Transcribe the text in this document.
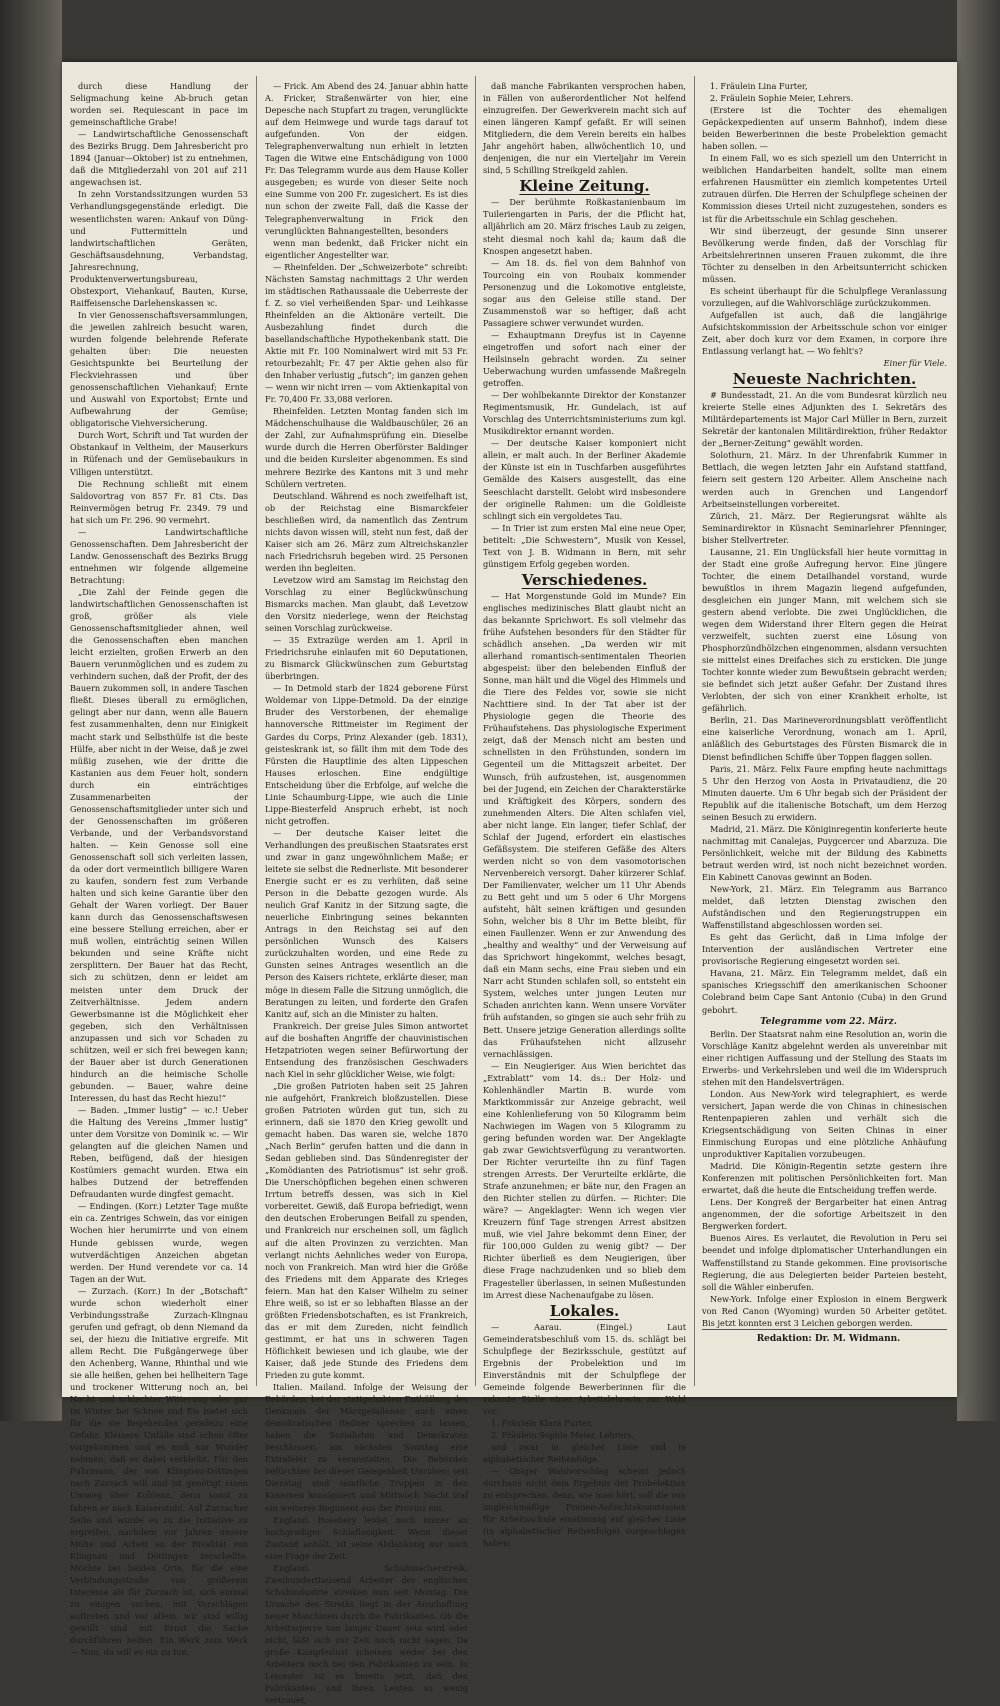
durch diese Handlung der Seligmachung keine Ab-bruch getan worden sei. Requiescant in pace im gemeinschaftliche Grabe!

— Landwirtschaftliche Genossenschaft des Bezirks Brugg. Dem Jahresbericht pro 1894 (Januar—Oktober) ist zu entnehmen, daß die Mitgliederzahl von 201 auf 211 angewachsen ist.

In zehn Vorstandssitzungen wurden 53 Verhandlungsgegenstände erledigt. Die wesentlichsten waren: Ankauf von Düng- und Futtermitteln und landwirtschaftlichen Geräten, Geschäftsausdehnung, Verbandstag, Jahresrechnung, Produktenverwertungsbureau, Obstexport, Viehankauf, Bauten, Kurse, Raiffeisensche Darlehenskassen ꝛc.

In vier Genossenschaftsversammlungen, die jeweilen zahlreich besucht waren, wurden folgende belehrende Referate gehalten über: Die neuesten Gesichtspunkte bei Beurteilung der Fleckviehrassen und über genossenschaftlichen Viehankauf; Ernte und Auswahl von Exportobst; Ernte und Aufbewahrung der Gemüse; obligatorische Viehversicherung.

Durch Wort, Schrift und Tat wurden der Obstankauf in Veltheim, der Mauserkurs in Rüfenach und der Gemüsebaukurs in Villigen unterstützt.

Die Rechnung schließt mit einem Saldovortrag von 857 Fr. 81 Cts. Das Reinvermögen betrug Fr. 2349. 79 und hat sich um Fr. 296. 90 vermehrt.

— Landwirtschaftliche Genossenschaften. Dem Jahresbericht der Landw. Genossenschaft des Bezirks Brugg entnehmen wir folgende allgemeine Betrachtung:

„Die Zahl der Feinde gegen die landwirtschaftlichen Genossenschaften ist groß, größer als viele Genossenschaftsmitglieder ahnen, weil die Genossenschaften eben manchen leicht erzielten, großen Erwerb an den Bauern verunmöglichen und es zudem zu verhindern suchen, daß der Profit, der des Bauern zukommen soll, in andere Taschen fließt. Dieses überall zu ermöglichen, gelingt aber nur dann, wenn alle Bauern fest zusammenhalten, denn nur Einigkeit macht stark und Selbsthülfe ist die beste Hülfe, aber nicht in der Weise, daß je zwei müßig zusehen, wie der dritte die Kastanien aus dem Feuer holt, sondern durch ein einträchtiges Zusammenarbeiten der Genossenschaftsmitglieder unter sich und der Genossenschaften im größeren Verbande, und der Verbandsvorstand halten. — Kein Genosse soll eine Genossenschaft soll sich verleiten lassen, da oder dort vermeintlich billigere Waren zu kaufen, sondern fest zum Verbande halten und sich keine Garantie über den Gehalt der Waren vorliegt. Der Bauer kann durch das Genossenschaftswesen eine bessere Stellung erreichen, aber er muß wollen, einträchtig seinen Willen bekunden und seine Kräfte nicht zersplittern. Der Bauer hat das Recht, sich zu schützen, denn er leidet am meisten unter dem Druck der Zeitverhältnisse. Jedem andern Gewerbsmanne ist die Möglichkeit eher gegeben, sich den Verhältnissen anzupassen und sich vor Schaden zu schützen, weil er sich frei bewegen kann; der Bauer aber ist durch Generationen hindurch an die heimische Scholle gebunden. — Bauer, wahre deine Interessen, du hast das Recht hiezu!“

— Baden. „Immer lustig“ — ꝛc.! Ueber die Haltung des Vereins „Immer lustig“ unter dem Vorsitze von Dominik ꝛc. — Wir gelangten auf die gleichen Namen und Reben, beifügend, daß der hiesigen Kostümiers gemacht wurden. Etwa ein halbes Dutzend der betreffenden Defraudanten wurde dingfest gemacht.

— Endingen. (Korr.) Letzter Tage mußte ein ca. Zentriges Schwein, das vor einigen Wochen hier herumirrte und von einem Hunde gebissen wurde, wegen wutverdächtigen Anzeichen abgetan werden. Der Hund verendete vor ca. 14 Tagen an der Wut.

— Zurzach. (Korr.) In der „Botschaft“ wurde schon wiederholt einer Verbindungsstraße Zurzach-Klingnau gerufen und gefragt, ob denn Niemand da sei, der hiezu die Initiative ergreife. Mit allem Recht. Die Fußgängerwege über den Achenberg, Wanne, Rhinthal und wie sie alle heißen, gehen bei hellheitern Tage und trockener Witterung noch an, bei Nacht und schlechter Witterung oder gar im Winter bei Schnee und Eis bietet sich für die sie Begehenden geradezu eine Gefahr. Kleinere Unfälle sind schon öfter vorgekommen und es muß nur Wunder nehmen, daß es dabei verbleibt. Für den Fuhrmann, der von Klingnau-Döttingen nach Zurzach will und ist genötigt einen Umweg über Koblenz, denn sonst zu fahren er nach Kaiserstuhl. Auf Zurzacher Seite und wurde es zu die Initiative zu ergreifen, nachdem vor Jahren unsere Mühe und Arbeit an der Rivalität von Klingnau und Döttingen zerschellte. Möchte bei beiden Orte, für die eine Verbindungsstraße von größerem Interesse als für Zurzach ist, sich einmal zu einigen suchen, mit Vorschlägen auftreten und vor allem, wir sind willig gewillt sind mit Ernst die Sache durchführen helfen. Ein Werk zum Werk — Nun, da will es ein zu tun.

— Frick. Am Abend des 24. Januar abhin hatte A. Fricker, Straßenwärter von hier, eine Depesche nach Stupfart zu tragen, verunglückte auf dem Heimwege und wurde tags darauf tot aufgefunden. Von der eidgen. Telegraphenverwaltung nun erhielt in letzten Tagen die Witwe eine Entschädigung von 1000 Fr. Das Telegramm wurde aus dem Hause Koller ausgegeben; es wurde von dieser Seite noch eine Summe von 200 Fr. zugesichert. Es ist dies nun schon der zweite Fall, daß die Kasse der Telegraphenverwaltung in Frick den verunglückten Bahnangestellten, besonders

wenn man bedenkt, daß Fricker nicht ein eigentlicher Angestellter war.

— Rheinfelden. Der „Schweizerbote“ schreibt: Nächsten Samstag nachmittags 2 Uhr werden im städtischen Rathaussaale die Ueberreste der f. Z. so viel verheißenden Spar- und Leihkasse Rheinfelden an die Aktionäre verteilt. Die Ausbezahlung findet durch die basellandschaftliche Hypothekenbank statt. Die Aktie mit Fr. 100 Nominalwert wird mit 53 Fr. retourbezahlt; Fr. 47 per Aktie gehen also für den Inhaber verlustig „futsch“; im ganzen gehen — wenn wir nicht irren — vom Aktienkapital von Fr. 70,400 Fr. 33,088 verloren.

Rheinfelden. Letzten Montag fanden sich im Mädchenschulhause die Waldbauschüler, 26 an der Zahl, zur Aufnahmsprüfung ein. Dieselbe wurde durch die Herren Oberförster Baldinger und die beiden Kursleiter abgenommen. Es sind mehrere Bezirke des Kantons mit 3 und mehr Schülern vertreten.

Deutschland. Während es noch zweifelhaft ist, ob der Reichstag eine Bismarckfeier beschließen wird, da namentlich das Zentrum nichts davon wissen will, steht nun fest, daß der Kaiser sich am 26. März zum Altreichskanzler nach Friedrichsruh begeben wird. 25 Personen werden ihn begleiten.

Levetzow wird am Samstag im Reichstag den Vorschlag zu einer Beglückwünschung Bismarcks machen. Man glaubt, daß Levetzow den Vorsitz niederlege, wenn der Reichstag seinen Vorschlag zurückweise.

— 35 Extrazüge werden am 1. April in Friedrichsruhe einlaufen mit 60 Deputationen, zu Bismarck Glückwünschen zum Geburtstag überbringen.

— In Detmold starb der 1824 geborene Fürst Woldemar von Lippe-Detmold. Da der einzige Bruder des Verstorbenen, der ehemalige hannoversche Rittmeister im Regiment der Gardes du Corps, Prinz Alexander (geb. 1831), geisteskrank ist, so fällt ihm mit dem Tode des Fürsten die Hauptlinie des alten Lippeschen Hauses erloschen. Eine endgültige Entscheidung über die Erbfolge, auf welche die Linie Schaumburg-Lippe, wie auch die Linie Lippe-Biesterfeld Anspruch erhebt, ist noch nicht getroffen.

— Der deutsche Kaiser leitet die Verhandlungen des preußischen Staatsrates erst und zwar in ganz ungewöhnlichem Maße; er leitete sie selbst die Rednerliste. Mit besonderer Energie sucht er es zu verhüten, daß seine Person in die Debatte gezogen wurde. Als neulich Graf Kanitz in der Sitzung sagte, die neuerliche Einbringung seines bekannten Antrags in den Reichstag sei auf den persönlichen Wunsch des Kaisers zurückzuhalten worden, und eine Rede zu Gunsten seines Antrages wesentlich an die Person des Kaisers richtete, erklärte dieser, man möge in diesem Falle die Sitzung unmöglich, die Beratungen zu leiten, und forderte den Grafen Kanitz auf, sich an die Minister zu halten.

Frankreich. Der greise Jules Simon antwortet auf die boshaften Angriffe der chauvinistischen Hetzpatrioten wegen seiner Befürwortung der Entsendung des französischen Geschwaders nach Kiel in sehr glücklicher Weise, wie folgt:

„Die großen Patrioten haben seit 25 Jahren nie aufgehört, Frankreich bloßzustellen. Diese großen Patrioten würden gut tun, sich zu erinnern, daß sie 1870 den Krieg gewollt und gemacht haben. Das waren sie, welche 1870 „Nach Berlin“ gerufen hatten und die dann in Sedan geblieben sind. Das Sündenregister der „Komödianten des Patriotismus“ ist sehr groß. Die Unerschöpflichen begehen einen schweren Irrtum betreffs dessen, was sich in Kiel vorbereitet. Gewiß, daß Europa befriedigt, wenn den deutschen Eroberungen Beifall zu spenden, und Frankreich nur erscheinen soll, um fäglich auf die alten Provinzen zu verzichten. Man verlangt nichts Aehnliches weder von Europa, noch von Frankreich. Man wird hier die Größe des Friedens mit dem Apparate des Krieges feiern. Man hat den Kaiser Wilhelm zu seiner Ehre weiß, so ist er so lebhaften Blasse an der größten Friedensbotschaften, es ist Frankreich, das er mit dem Zureden, nicht feindlich gestimmt, er hat uns in schweren Tagen Höflichkeit bewiesen und ich glaube, wie der Kaiser, daß jede Stunde des Friedens dem Frieden zu gute kommt.

Italien. Mailand. Infolge der Weisung der Behörden, bei der stattgehabten Enthüllung des Denkmals der Märzgefallenen auch einen demokratischen Redner sprechen zu lassen, haben die Sozialisten und Demokraten beschlossen, am nächsten Sonntag eine Extrafeier zu veranstalten. Die Behörden befürchten bei dieser Gelegenheit Unruhen; seit Dienstag sind sämtliche Truppen in den Kasernen konsigniert und Mittwoch Nacht traf ein weiteres Regiment aus der Provinz ein.

England. Rosebery leidet noch immer an hochgradiger Schlaflosigkeit. Wenn dieser Zustand anhält, ist seine Abdankung nur noch eine Frage der Zeit.

England. Schuhmacherstreik. Zweihunderttausend Arbeiter der englischen Schuhindustrie streiken nun seit Montag. Die Ursache des Streiks liegt in der Anschaffung neuer Maschinen durch die Fabrikanten. Ob die Arbeitssperre von langer Dauer sein wird oder nicht, läßt sich zur Zeit noch nicht sagen. Da große Kampfeslust scheinen weder bei den Arbeitern noch bei den Fabrikanten zu sein. In Leicester ist es bereits jetzt, daß den Fabrikanten und ihren Leuten so wenig vertrauet,

daß manche Fabrikanten versprochen haben, in Fällen von außerordentlicher Not helfend einzugreifen. Der Gewerkverein macht sich auf einen längeren Kampf gefaßt. Er will seinen Mitgliedern, die dem Verein bereits ein halbes Jahr angehört haben, allwöchentlich 10, und denjenigen, die nur ein Vierteljahr im Verein sind, 5 Schilling Streikgeld zahlen.

Kleine Zeitung.

— Der berühmte Roßkastanienbaum im Tuileriengarten in Paris, der die Pflicht hat, alljährlich am 20. März frisches Laub zu zeigen, steht diesmal noch kahl da; kaum daß die Knospen angesetzt haben.

— Am 18. ds. fiel von dem Bahnhof von Tourcoing ein von Roubaix kommender Personenzug und die Lokomotive entgleiste, sogar aus den Geleise stille stand. Der Zusammenstoß war so heftiger, daß acht Passagiere schwer verwundet wurden.

— Exhauptmann Dreyfus ist in Cayenne eingetroffen und sofort nach einer der Heilsinseln gebracht worden. Zu seiner Ueberwachung wurden umfassende Maßregeln getroffen.

— Der wohlbekannte Direktor der Konstanzer Regimentsmusik, Hr. Gundelach, ist auf Vorschlag des Unterrichtsministeriums zum kgl. Musikdirektor ernannt worden.

— Der deutsche Kaiser komponiert nicht allein, er malt auch. In der Berliner Akademie der Künste ist ein in Tuschfarben ausgeführtes Gemälde des Kaisers ausgestellt, das eine Seeschlacht darstellt. Gelobt wird insbesondere der originelle Rahmen: um die Goldleiste schlingt sich ein vergoldetes Tau.

— In Trier ist zum ersten Mal eine neue Oper, betitelt: „Die Schwestern“, Musik von Kessel, Text von J. B. Widmann in Bern, mit sehr günstigem Erfolg gegeben worden.

Verschiedenes.

— Hat Morgenstunde Gold im Munde? Ein englisches medizinisches Blatt glaubt nicht an das bekannte Sprichwort. Es soll vielmehr das frühe Aufstehen besonders für den Städter für schädlich ansehen. „Da werden wir mit allerhand romantisch-sentimentalen Theorien abgespeist: über den belebenden Einfluß der Sonne, man hält und die Vögel des Himmels und die Tiere des Feldes vor, sowie sie nicht Nachttiere sind. In der Tat aber ist der Physiologie gegen die Theorie des Frühaufstehens. Das physiologische Experiment zeigt, daß der Mensch nicht am besten und schnellsten in den Frühstunden, sondern im Gegenteil um die Mittagszeit arbeitet. Der Wunsch, früh aufzustehen, ist, ausgenommen bei der Jugend, ein Zeichen der Charakterstärke und Kräftigkeit des Körpers, sondern des zunehmenden Alters. Die Alten schlafen viel, aber nicht lange. Ein langer, tiefer Schlaf, der Schlaf der Jugend, erfordert ein elastisches Gefäßsystem. Die steiferen Gefäße des Alters werden nicht so von dem vasomotorischen Nervenbereich versorgt. Daher kürzerer Schlaf. Der Familienvater, welcher um 11 Uhr Abends zu Bett geht und um 5 oder 6 Uhr Morgens aufsteht, hält seinen kräftigen und gesunden Sohn, welcher bis 8 Uhr im Bette bleibt, für einen Faullenzer. Wenn er zur Anwendung des „healthy and wealthy“ und der Verweisung auf das Sprichwort hingekommt, welches besagt, daß ein Mann sechs, eine Frau sieben und ein Narr acht Stunden schlafen soll, so entsteht ein System, welches unter jungen Leuten nur Schaden anrichten kann. Wenn unsere Vorväter früh aufstanden, so gingen sie auch sehr früh zu Bett. Unsere jetzige Generation allerdings sollte das Frühaufstehen nicht allzusehr vernachlässigen.

— Ein Neugieriger. Aus Wien berichtet das „Extrablatt“ vom 14. ds.: Der Holz- und Kohlenhändler Martin B. wurde vom Marktkommissär zur Anzeige gebracht, weil eine Kohlenlieferung von 50 Kilogramm beim Nachwiegen im Wagen von 5 Kilogramm zu gering befunden worden war. Der Angeklagte gab zwar Gewichtsverfügung zu verantworten. Der Richter verurteilte ihn zu fünf Tagen strengen Arrests. Der Verurteilte erklärte, die Strafe anzunehmen; er bäte nur, den Fragen an den Richter stellen zu dürfen. — Richter: Die wäre? — Angeklagter: Wenn ich wegen vier Kreuzern fünf Tage strengen Arrest absitzen muß, wie viel Jahre bekommt denn Einer, der für 100,000 Gulden zu wenig gibt? — Der Richter überließ es dem Neugierigen, über diese Frage nachzudenken und so blieb dem Fragesteller überlassen, in seinen Mußestunden im Arrest diese Nachenaufgabe zu lösen.

Lokales.

— Aarau. (Eingel.) Laut Gemeinderatsbeschluß vom 15. ds. schlägt bei Schulpflege der Bezirksschule, gestützt auf Ergebnis der Probelektion und im Einverständnis mit der Schulpflege der Gemeinde folgende Bewerberinnen für die vakante Stelle einer Arbeitslehrerin zur Wahl vor:

1. Fräulein Klara Furter,

2. Fräulein Sophie Meier, Lehrers,

und zwar in gleicher Linie und in alphabetischer Reihenfolge.

— Obiger Wahlvorschlag scheint jedoch durchaus nicht dem Ergebnis der Probelektion zu entsprechen, denn, wie man hört, soll die von ungleichmäßige Frauen-Aufsichtskommission für Arbeitsschule einstimmig auf gleicher Linie (in alphabetischer Reihenfolge) vorgeschlagen haben:

1. Fräulein Lina Furter,

2. Fräulein Sophie Meier, Lehrers.

(Erstere ist die Tochter des ehemaligen Gepäckexpedienten auf unserm Bahnhof), indem diese beiden Bewerberinnen die beste Probelektion gemacht haben sollen. —

In einem Fall, wo es sich speziell um den Unterricht in weiblichen Handarbeiten handelt, sollte man einem erfahrenen Hausmütter ein ziemlich kompetentes Urteil zutrauen dürfen. Die Herren der Schulpflege scheinen der Kommission dieses Urteil nicht zuzugestehen, sonders es ist für die Arbeitsschule ein Schlag geschehen.

Wir sind überzeugt, der gesunde Sinn unserer Bevölkerung werde finden, daß der Vorschlag für Arbeitslehrerinnen unseren Frauen zukommt, die ihre Töchter zu denselben in den Arbeitsunterricht schicken müssen.

Es scheint überhaupt für die Schulpflege Veranlassung vorzuliegen, auf die Wahlvorschläge zurückzukommen.

Aufgefallen ist auch, daß die langjährige Aufsichtskommission der Arbeitsschule schon vor einiger Zeit, aber doch kurz vor dem Examen, in corpore ihre Entlassung verlangt hat. — Wo fehlt's?

Einer für Viele.

Neueste Nachrichten.

# Bundesstadt, 21. An die vom Bundesrat kürzlich neu kreierte Stelle eines Adjunkten des I. Sekretärs des Militärdepartements ist Major Carl Müller in Bern, zurzeit Sekretär der kantonalen Militärdirektion, früher Redaktor der „Berner-Zeitung“ gewählt worden.

Solothurn, 21. März. In der Uhrenfabrik Kummer in Bettlach, die wegen letzten Jahr ein Aufstand stattfand, feiern seit gestern 120 Arbeiter. Allem Anscheine nach werden auch in Grenchen und Langendorf Arbeitseinstellungen vorbereitet.

Zürich, 21. März. Der Regierungsrat wählte als Seminardirektor in Küsnacht Seminarlehrer Pfenninger, bisher Stellvertreter.

Lausanne, 21. Ein Unglücksfall hier heute vormittag in der Stadt eine große Aufregung hervor. Eine jüngere Tochter, die einem Detailhandel vorstand, wurde bewußtlos in ihrem Magazin liegend aufgefunden, desgleichen ein junger Mann, mit welchem sich sie gestern abend verlobte. Die zwei Unglücklichen, die wegen dem Widerstand ihrer Eltern gegen die Heirat verzweifelt, suchten zuerst eine Lösung von Phosphorzündhölzchen eingenommen, alsdann versuchten sie mittelst eines Dreifaches sich zu ersticken. Die junge Tochter konnte wieder zum Bewußtsein gebracht werden; sie befindet sich jetzt außer Gefahr. Der Zustand ihres Verlobten, der sich von einer Krankheit erholte, ist gefährlich.

Berlin, 21. Das Marineverordnungsblatt veröffentlicht eine kaiserliche Verordnung, wonach am 1. April, anläßlich des Geburtstages des Fürsten Bismarck die in Dienst befindlichen Schiffe über Toppen flaggen sollen.

Paris, 21. März. Felix Faure empfing heute nachmittags 5 Uhr den Herzog von Aosta in Privataudienz, die 20 Minuten dauerte. Um 6 Uhr begab sich der Präsident der Republik auf die italienische Botschaft, um dem Herzog seinen Besuch zu erwidern.

Madrid, 21. März. Die Königinregentin konferierte heute nachmittag mit Canalejas, Puygcercer und Abarzuza. Die Persönlichkeit, welche mit der Bildung des Kabinetts betraut werden wird, ist noch nicht bezeichnet worden. Ein Kabinett Canovas gewinnt an Boden.

New-York, 21. März. Ein Telegramm aus Barranco meldet, daß letzten Dienstag zwischen den Aufständischen und den Regierungstruppen ein Waffenstillstand abgeschlossen worden sei.

Es geht das Gerücht, daß in Lima infolge der Intervention der ausländischen Vertreter eine provisorische Regierung eingesetzt worden sei.

Havana, 21. März. Ein Telegramm meldet, daß ein spanisches Kriegsschiff den amerikanischen Schooner Colebrand beim Cape Sant Antonio (Cuba) in den Grund gebohrt.

Telegramme vom 22. März.

Berlin. Der Staatsrat nahm eine Resolution an, worin die Vorschläge Kanitz abgelehnt werden als unvereinbar mit einer richtigen Auffassung und der Stellung des Staats im Erwerbs- und Verkehrsleben und weil die im Widerspruch stehen mit den Handelsverträgen.

London. Aus New-York wird telegraphiert, es werde versichert, Japan werde die von Chinas in chinesischen Rentenpapieren zahlen und verhält sich die Kriegsentschädigung von Seiten Chinas in einer Einmischung Europas und eine plötzliche Anhäufung unproduktiver Kapitalien vorzubeugen.

Madrid. Die Königin-Regentin setzte gestern ihre Konferenzen mit politischen Persönlichkeiten fort. Man erwartet, daß die heute die Entscheidung treffen werde.

Lens. Der Kongreß der Bergarbeiter hat einen Antrag angenommen, der die sofortige Arbeitszeit in den Bergwerken fordert.

Buenos Aires. Es verlautet, die Revolution in Peru sei beendet und infolge diplomatischer Unterhandlungen ein Waffenstillstand zu Stande gekommen. Eine provisorische Regierung, die aus Delegierten beider Parteien besteht, soll die Wähler einberufen.

New-York. Infolge einer Explosion in einem Bergwerk von Red Canon (Wyoming) wurden 50 Arbeiter getötet. Bis jetzt konnten erst 3 Leichen geborgen werden.

Redaktion: Dr. M. Widmann.
